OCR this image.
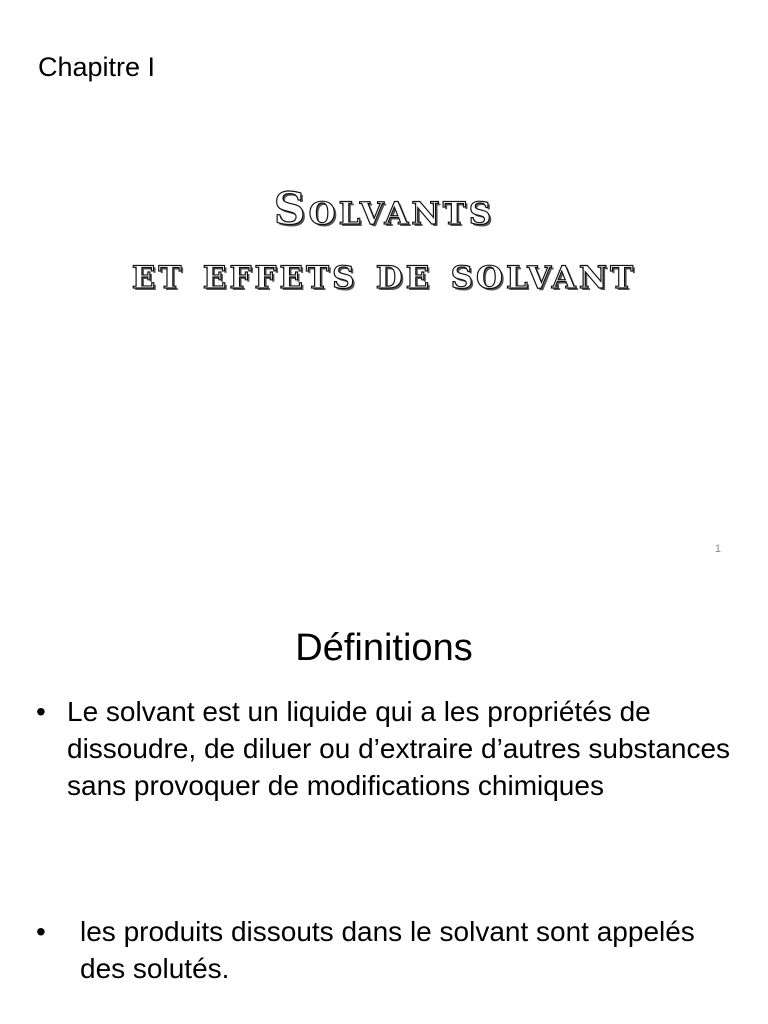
Chapitre I
Solvants
et effets de solvant
1
Définitions
• Le solvant est un liquide qui a les propriétés de dissoudre, de diluer ou d’extraire d’autres substances sans provoquer de modifications chimiques

• les produits dissouts dans le solvant sont appelés des solutés.
